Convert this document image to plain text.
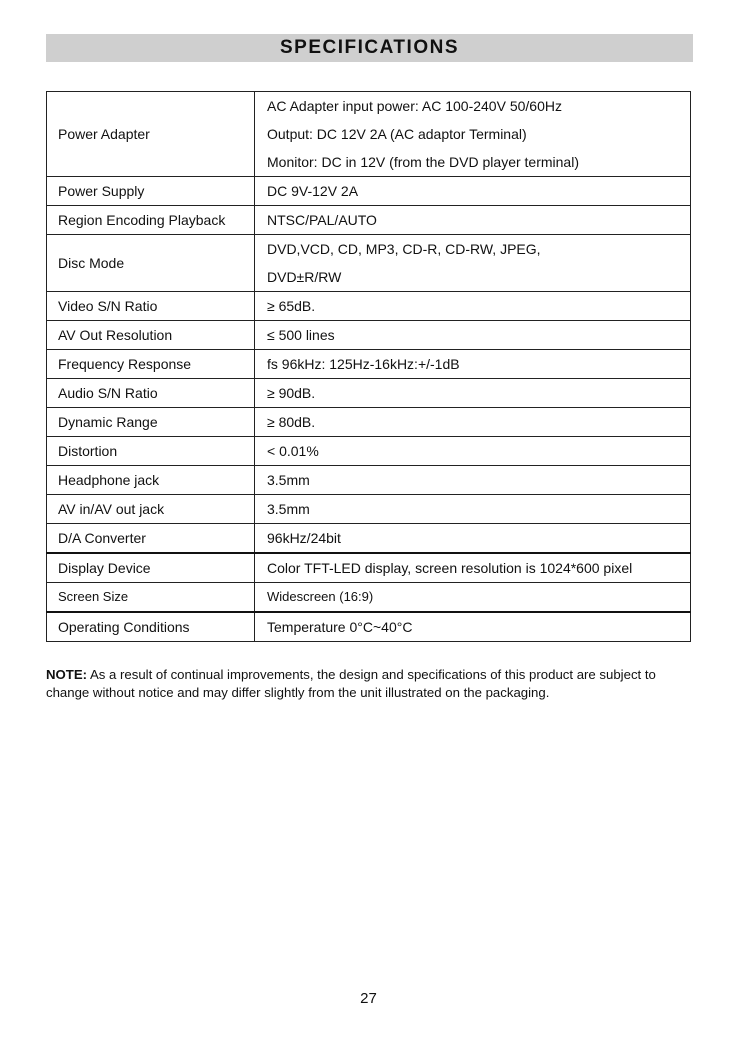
SPECIFICATIONS
Power Adapter	AC Adapter input power: AC 100-240V 50/60Hz
Output: DC 12V 2A (AC adaptor Terminal)
Monitor: DC in 12V (from the DVD player terminal)

Power Supply	DC 9V-12V 2A
Region Encoding Playback	NTSC/PAL/AUTO
Disc Mode	DVD,VCD, CD, MP3, CD-R, CD-RW, JPEG,
DVD±R/RW

Video S/N Ratio	≥ 65dB.
AV Out Resolution	≤ 500 lines
Frequency Response	fs 96kHz: 125Hz-16kHz:+/-1dB
Audio S/N Ratio	≥ 90dB.
Dynamic Range	≥ 80dB.
Distortion	< 0.01%
Headphone jack	3.5mm
AV in/AV out jack	3.5mm
D/A Converter	96kHz/24bit
Display Device	Color TFT-LED display, screen resolution is 1024*600 pixel
Screen Size	Widescreen (16:9)
Operating Conditions	Temperature 0°C~40°C
NOTE: As a result of continual improvements, the design and specifications of this product are subject to change without notice and may differ slightly from the unit illustrated on the packaging.
27
